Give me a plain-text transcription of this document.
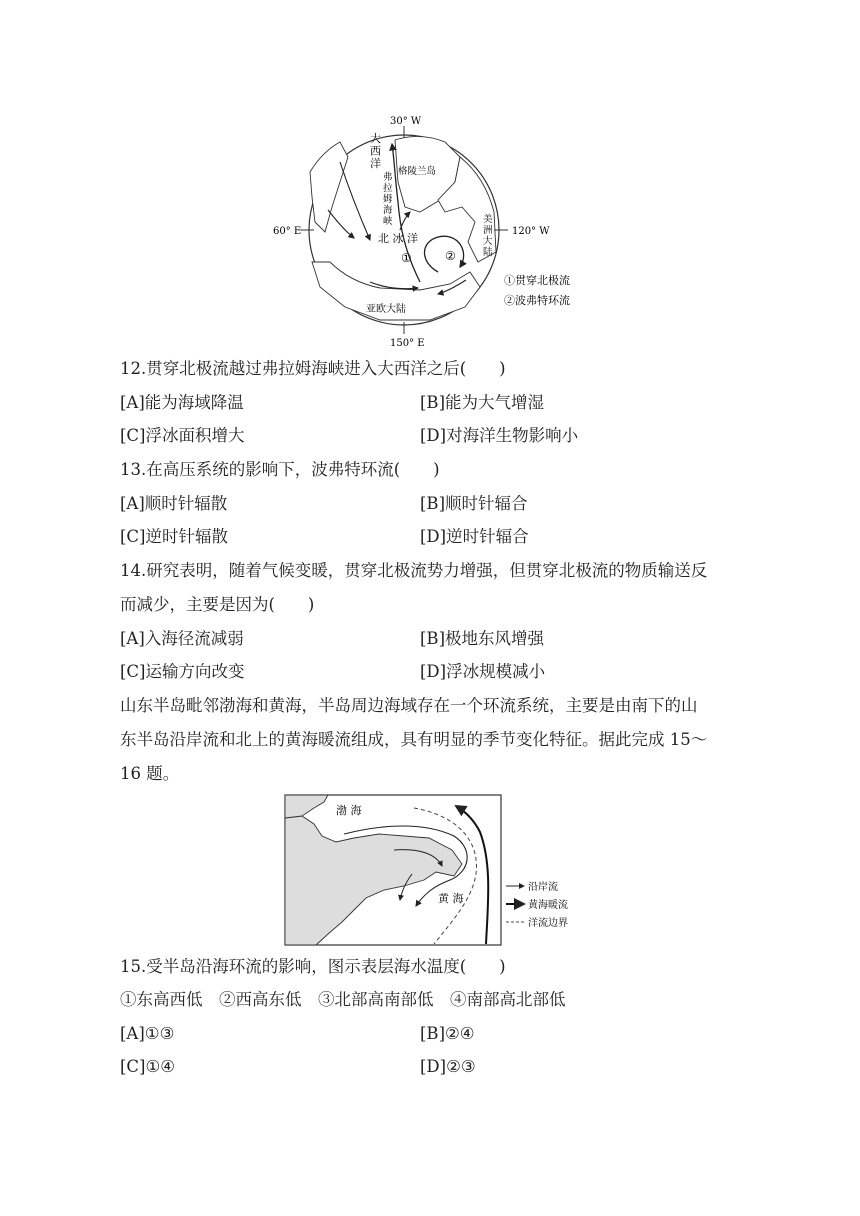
30° W
60° E	120° W
150° E
格陵兰岛
北 冰 洋
亚欧大陆
①	②
①贯穿北极流
②波弗特环流
大西洋
弗拉姆海峡	美洲大陆
12.贯穿北极流越过弗拉姆海峡进入大西洋之后(　　)
[A]能为海域降温	[B]能为大气增湿
[C]浮冰面积增大	[D]对海洋生物影响小
13.在高压系统的影响下，波弗特环流(　　)
[A]顺时针辐散	[B]顺时针辐合
[C]逆时针辐散	[D]逆时针辐合
14.研究表明，随着气候变暖，贯穿北极流势力增强，但贯穿北极流的物质输送反
而减少，主要是因为(　　)
[A]入海径流减弱	[B]极地东风增强
[C]运输方向改变	[D]浮冰规模减小
山东半岛毗邻渤海和黄海，半岛周边海域存在一个环流系统，主要是由南下的山
东半岛沿岸流和北上的黄海暖流组成，具有明显的季节变化特征。据此完成 15～
16 题。
渤 海
黄 海
沿岸流
黄海暖流
洋流边界
15.受半岛沿海环流的影响，图示表层海水温度(　　)
①东高西低　②西高东低　③北部高南部低　④南部高北部低
[A]①③	[B]②④
[C]①④	[D]②③
